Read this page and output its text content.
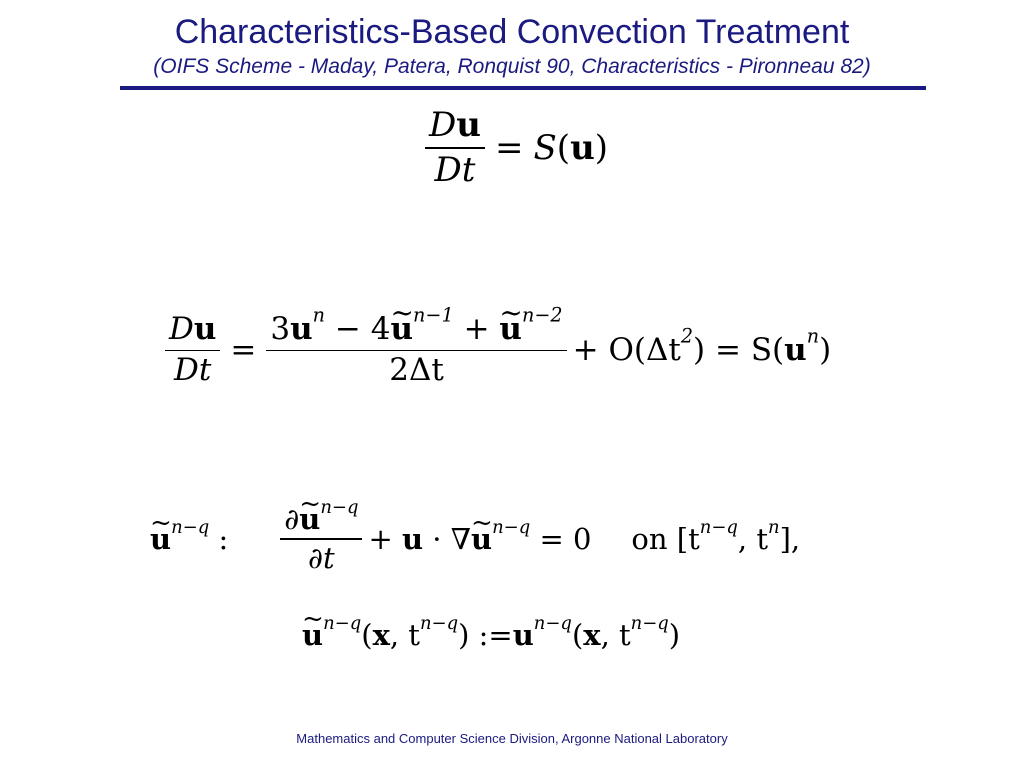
Characteristics-Based Convection Treatment
(OIFS Scheme - Maday, Patera, Ronquist 90, Characteristics - Pironneau 82)
$\frac{Du}{Dt} = S(u)$
$\frac{Du}{Dt} = \frac{3u^n - 4\sim u^{n-1} + \sim u^{n-2}}{2\Delta t} + O(\Delta t^2) = S(u^n)$
~ $u^{n-q}$ : $\frac{\partial\sim u^{n-q}}{\partial t} + u$ · ∇~ $u^{n-q} = 0$ on [$t^{n-q}$, $t^n$],
~ $u^{n-q}(x$, $t^{n-q}$ ) := $u^{n-q}(x$, $t^{n-q}$)
Mathematics and Computer Science Division, Argonne National Laboratory
